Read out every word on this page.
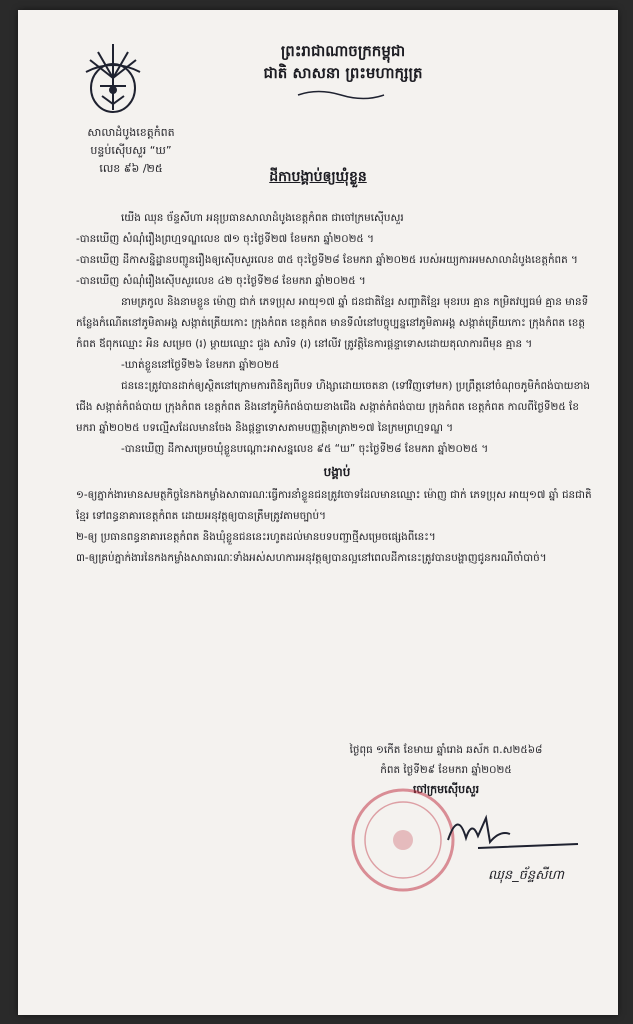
សាលាដំបូងខេត្តកំពត
បន្ទប់ស៊ើបសួរ “ឃ”
លេខ ៩៦ /២៥
ព្រះរាជាណាចក្រកម្ពុជា
ជាតិ សាសនា ព្រះមហាក្សត្រ
ដីកាបង្គាប់ឲ្យឃុំខ្លួន

យើង ឈុន ច័ន្ទសីហា អនុប្រធានសាលាដំបូងខេត្តកំពត ជាចៅក្រមស៊ើបសួរ

-បានឃើញ សំណុំរឿងព្រហ្មទណ្ឌលេខ ៧១ ចុះថ្ងៃទី២៧ ខែមករា ឆ្នាំ២០២៥ ។

-បានឃើញ ដីកាសន្និដ្ឋានបញ្ជូនរឿងឲ្យស៊ើបសួរលេខ ៣៥ ចុះថ្ងៃទី២៨ ខែមករា ឆ្នាំ២០២៥ របស់អយ្យការអមសាលាដំបូងខេត្តកំពត ។

-បានឃើញ សំណុំរឿងស៊ើបសួរលេខ ៤២ ចុះថ្ងៃទី២៨ ខែមករា ឆ្នាំ២០២៥ ។

នាមត្រកូល និងនាមខ្លួន ម៉ោញ ជាក់ ភេទប្រុស អាយុ១៧ ឆ្នាំ ជនជាតិខ្មែរ សញ្ជាតិខ្មែរ មុខរបរ គ្មាន កម្រិតវប្បធម៌ គ្មាន មានទីកន្លែងកំណើតនៅភូមិតាអង្គ សង្កាត់ត្រើយកោះ ក្រុងកំពត ខេត្តកំពត មានទីលំនៅបច្ចុប្បន្ននៅភូមិតាអង្គ សង្កាត់ត្រើយកោះ ក្រុងកំពត ខេត្តកំពត ឪពុកឈ្មោះ អិន សម្រេច (រ) ម្តាយឈ្មោះ ជួង សារិទ (រ) នៅលីវ ត្រូវត្តិនៃការផ្តន្ទាទោសដោយតុលាការពីមុន គ្មាន ។

-ឃាត់ខ្លួននៅថ្ងៃទី២៦ ខែមករា ឆ្នាំ២០២៥

ជននេះត្រូវបានដាក់ឲ្យស្ថិតនៅក្រោមការពិនិត្យពីបទ ហិង្សាដោយចេតនា (ទៅវិញទៅមក) ប្រព្រឹត្តនៅចំណុចភូមិកំពង់បាយខាងជើង សង្កាត់កំពង់បាយ ក្រុងកំពត ខេត្តកំពត និងនៅភូមិកំពង់បាយខាងជើង សង្កាត់កំពង់បាយ ក្រុងកំពត ខេត្តកំពត កាលពីថ្ងៃទី២៥ ខែមករា ឆ្នាំ២០២៥ បទល្មើសដែលមានចែង និងផ្តន្ទាទោសតាមបញ្ញត្តិមាត្រា២១៧ នៃក្រមព្រហ្មទណ្ឌ ។

-បានឃើញ ដីកាសម្រេចឃុំខ្លួនបណ្តោះអាសន្នលេខ ៩៥ “ឃ” ចុះថ្ងៃទី២៨ ខែមករា ឆ្នាំ២០២៥ ។

បង្គាប់

១-ឲ្យភ្នាក់ងារមានសមត្ថកិច្ចនៃកងកម្លាំងសាធារណៈធ្វើការនាំខ្លួនជនត្រូវចោទដែលមានឈ្មោះ ម៉ោញ ជាក់ ភេទប្រុស អាយុ១៧ ឆ្នាំ ជនជាតិខ្មែរ ទៅពន្ធនាគារខេត្តកំពត ដោយអនុវត្តឲ្យបានត្រឹមត្រូវតាមច្បាប់។

២-ឲ្យ ប្រធានពន្ធនាគារខេត្តកំពត និងឃុំខ្លួនជននេះរហូតដល់មានបទបញ្ជាថ្មីសម្រេចផ្សេងពីនេះ។

៣-ឲ្យគ្រប់ភ្នាក់ងារនៃកងកម្លាំងសាធារណៈទាំងអស់សហការអនុវត្តឲ្យបានល្អនៅពេលដីកានេះត្រូវបានបង្ហាញជូនករណីចាំបាច់។

ថ្ងៃពុធ ១កើត ខែមាឃ ឆ្នាំរោង ឆស័ក ព.ស២៥៦៨
កំពត ថ្ងៃទី២៩ ខែមករា ឆ្នាំ២០២៥
ចៅក្រមស៊ើបសួរ
ឈុន_ច័ន្ទសីហា
